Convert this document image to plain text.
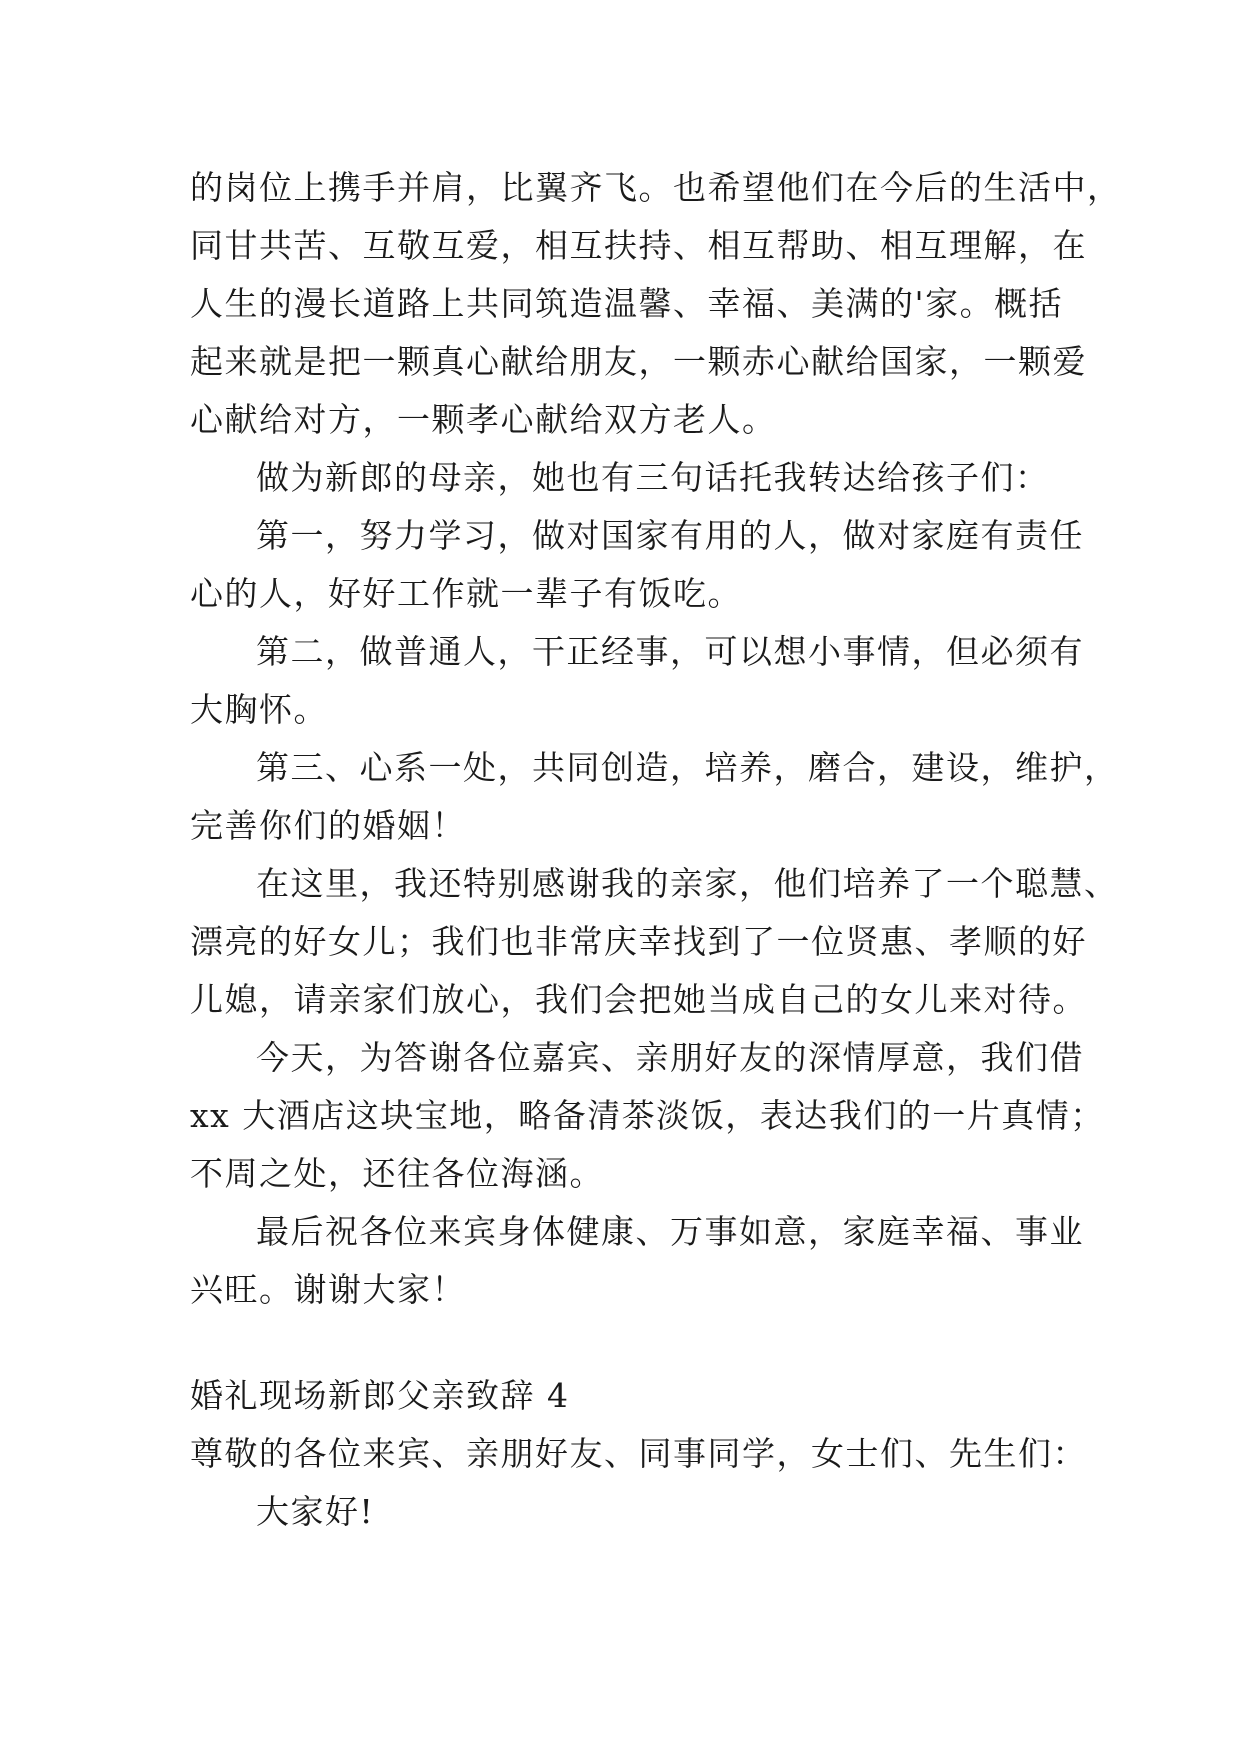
的岗位上携手并肩，比翼齐飞。也希望他们在今后的生活中，
同甘共苦、互敬互爱，相互扶持、相互帮助、相互理解，在
人生的漫长道路上共同筑造温馨、幸福、美满的'家。概括
起来就是把一颗真心献给朋友，一颗赤心献给国家，一颗爱
心献给对方，一颗孝心献给双方老人。
做为新郎的母亲，她也有三句话托我转达给孩子们：
第一，努力学习，做对国家有用的人，做对家庭有责任
心的人，好好工作就一辈子有饭吃。
第二，做普通人，干正经事，可以想小事情，但必须有
大胸怀。
第三、心系一处，共同创造，培养，磨合，建设，维护，
完善你们的婚姻！
在这里，我还特别感谢我的亲家，他们培养了一个聪慧、
漂亮的好女儿；我们也非常庆幸找到了一位贤惠、孝顺的好
儿媳，请亲家们放心，我们会把她当成自己的女儿来对待。
今天，为答谢各位嘉宾、亲朋好友的深情厚意，我们借
xx 大酒店这块宝地，略备清茶淡饭，表达我们的一片真情；
不周之处，还往各位海涵。
最后祝各位来宾身体健康、万事如意，家庭幸福、事业
兴旺。谢谢大家！
婚礼现场新郎父亲致辞 4
尊敬的各位来宾、亲朋好友、同事同学，女士们、先生们：
大家好!
